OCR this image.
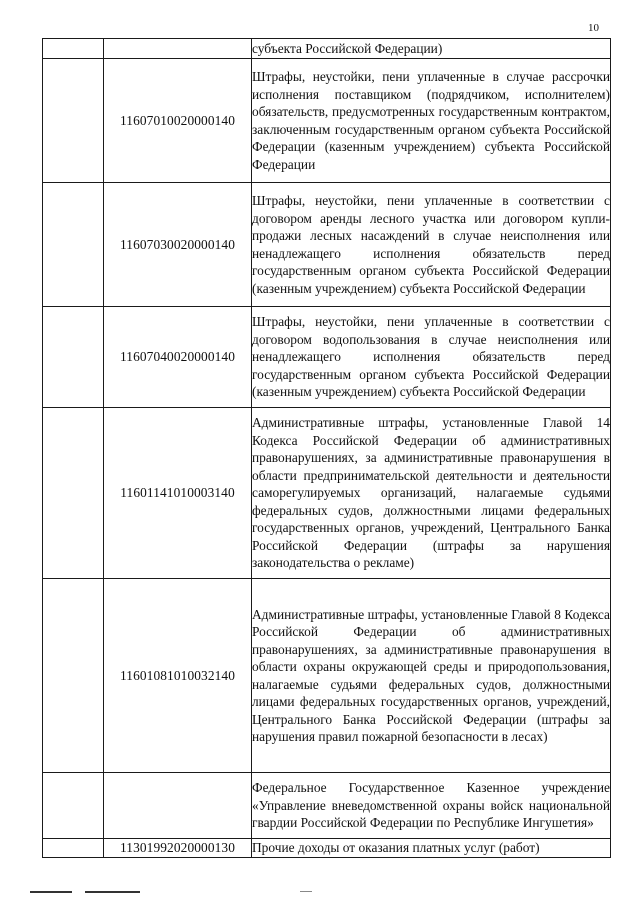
10

		субъекта Российской Федерации)

	11607010020000140	Штрафы, неустойки, пени уплаченные в случае рассрочки исполнения поставщиком (подрядчиком, исполнителем) обязательств, предусмотренных государственным контрактом, заключенным государственным органом субъекта Российской Федерации (казенным учреждением) субъекта Российской Федерации

	11607030020000140	Штрафы, неустойки, пени уплаченные в соответствии с договором аренды лесного участка или договором купли-продажи лесных насаждений в случае неисполнения или ненадлежащего исполнения обязательств перед государственным органом субъекта Российской Федерации (казенным учреждением) субъекта Российской Федерации

	11607040020000140	Штрафы, неустойки, пени уплаченные в соответствии с договором водопользования в случае неисполнения или ненадлежащего исполнения обязательств перед государственным органом субъекта Российской Федерации (казенным учреждением) субъекта Российской Федерации

	11601141010003140	Административные штрафы, установленные Главой 14 Кодекса Российской Федерации об административных правонарушениях, за административные правонарушения в области предпринимательской деятельности и деятельности саморегулируемых организаций, налагаемые судьями федеральных судов, должностными лицами федеральных государственных органов, учреждений, Центрального Банка Российской Федерации (штрафы за нарушения законодательства о рекламе)

	11601081010032140	Административные штрафы, установленные Главой 8 Кодекса Российской Федерации об административных правонарушениях, за административные правонарушения в области охраны окружающей среды и природопользования, налагаемые судьями федеральных судов, должностными лицами федеральных государственных органов, учреждений, Центрального Банка Российской Федерации (штрафы за нарушения правил пожарной безопасности в лесах)

		Федеральное Государственное Казенное учреждение «Управление вневедомственной охраны войск национальной гвардии Российской Федерации по Республике Ингушетия»

	11301992020000130	Прочие доходы от оказания платных услуг (работ)
